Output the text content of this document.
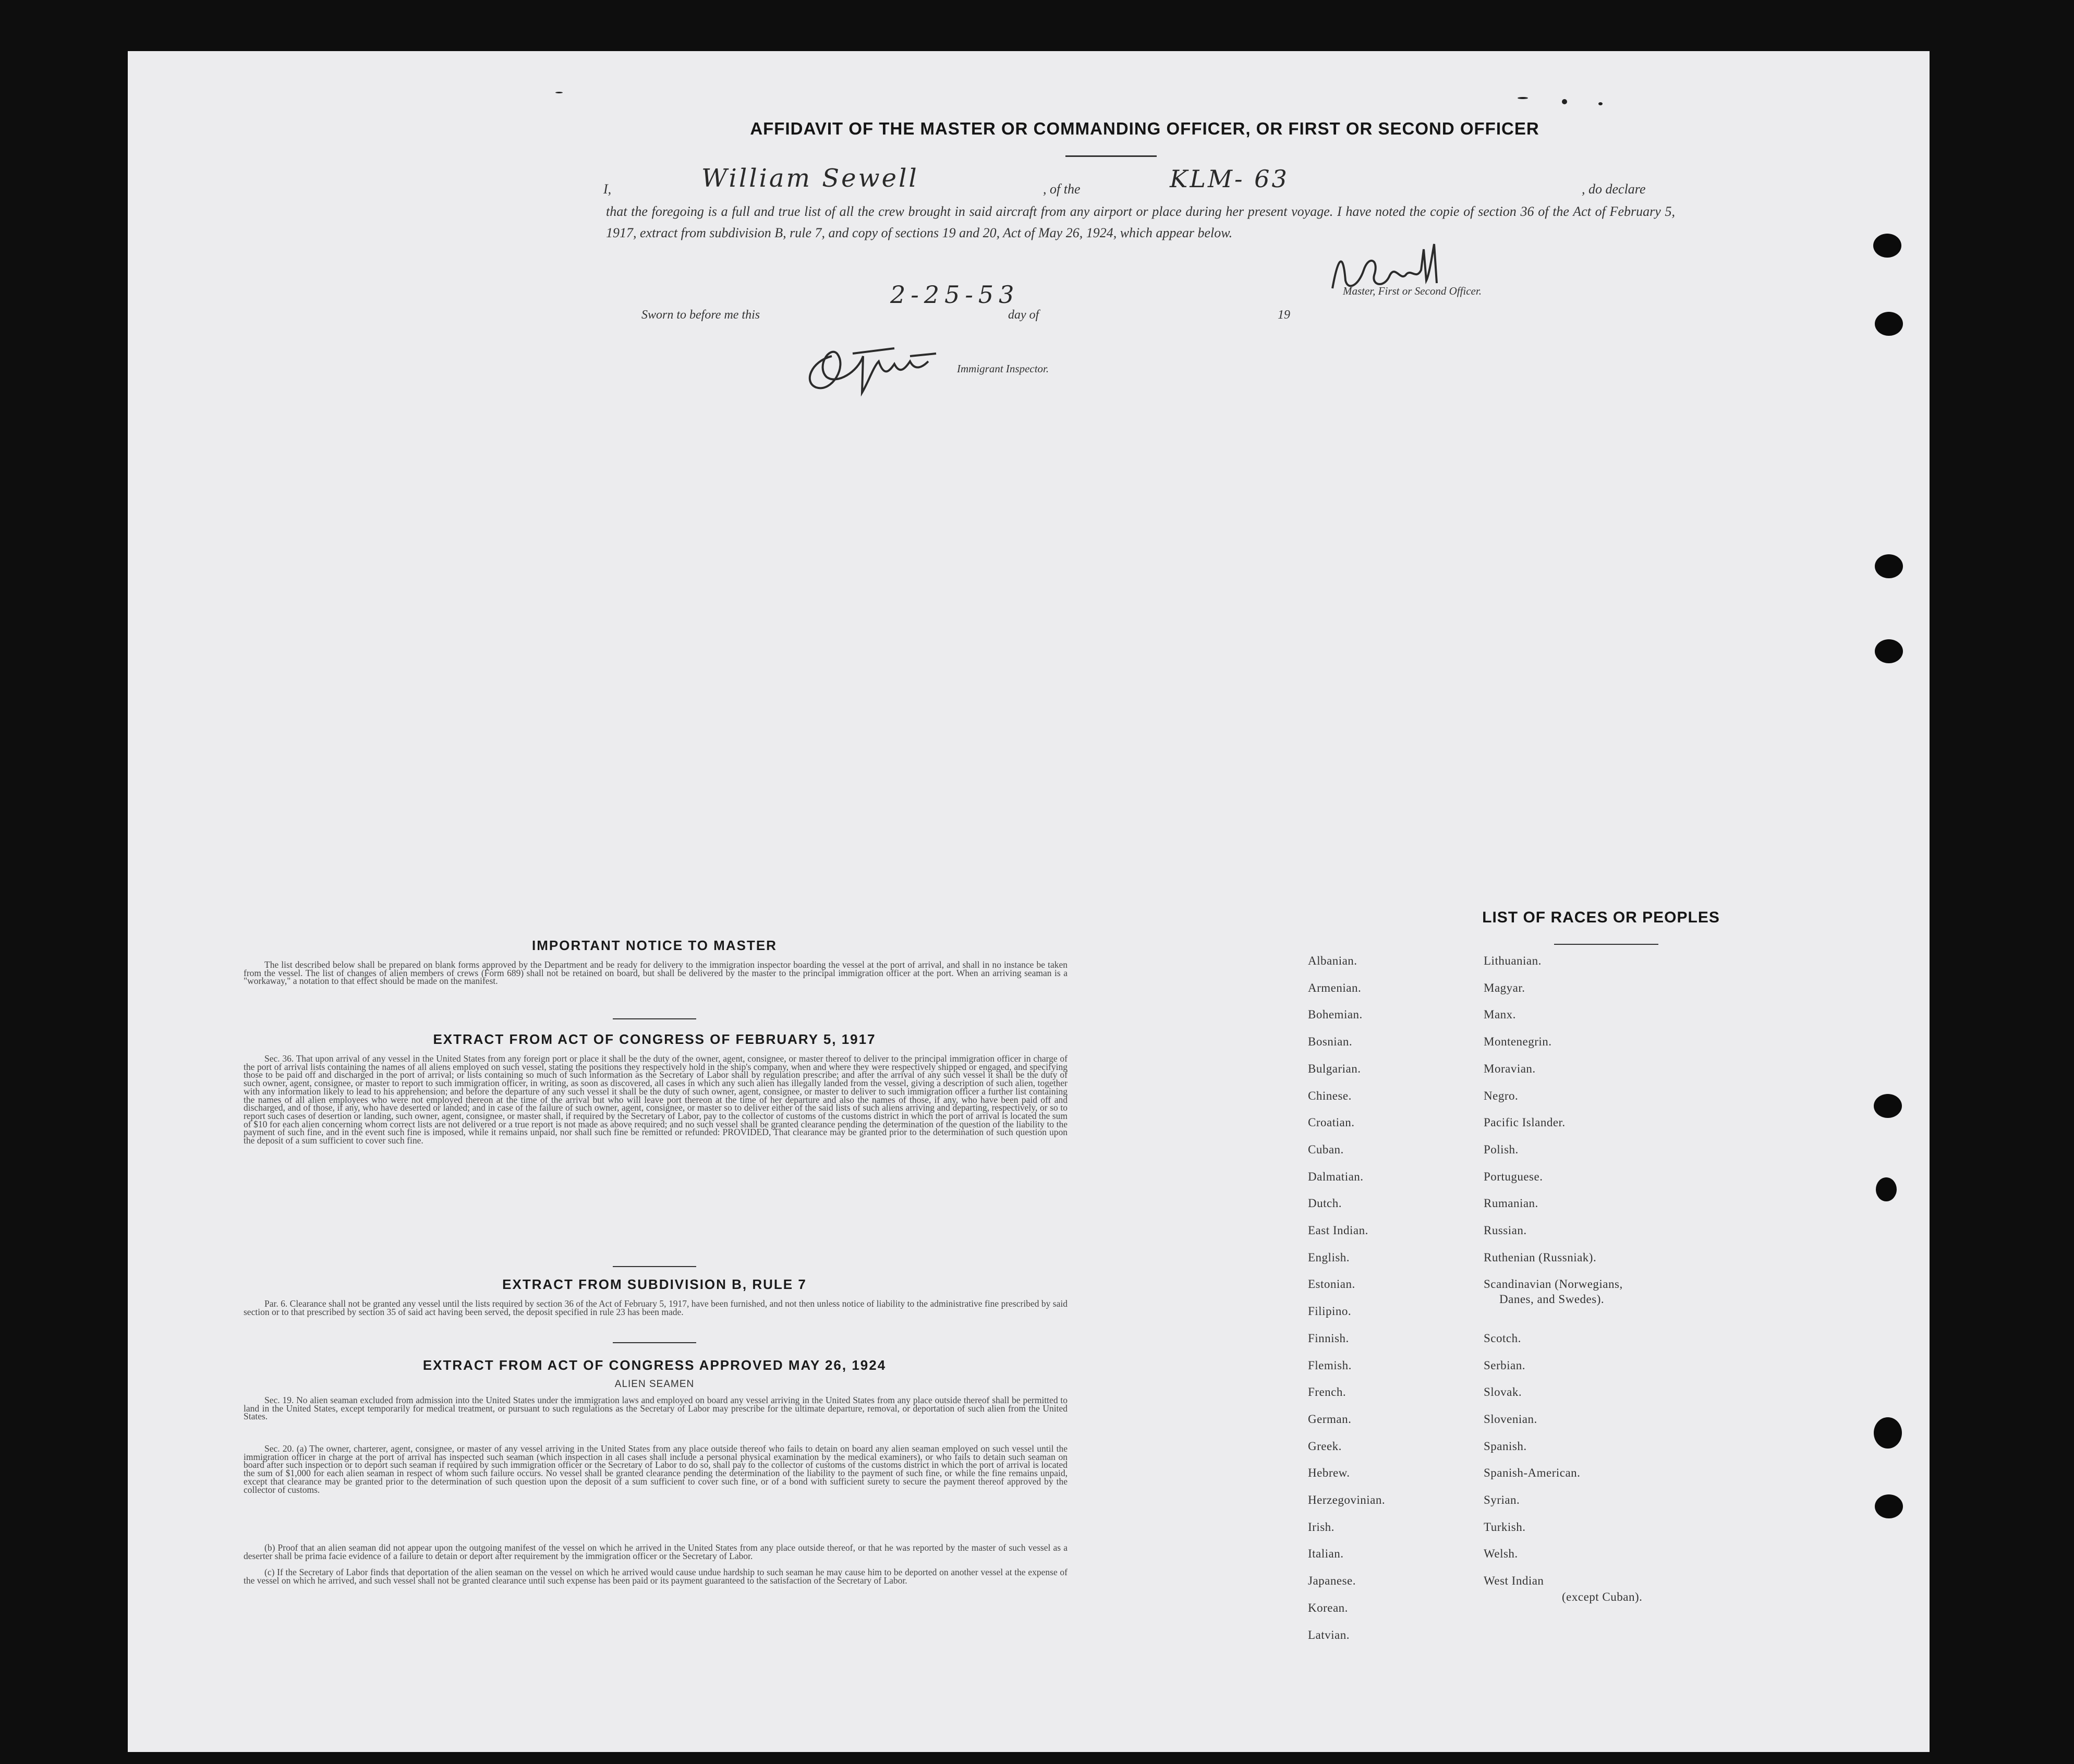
AFFIDAVIT OF THE MASTER OR COMMANDING OFFICER, OR FIRST OR SECOND OFFICER
I,	William Sewell	, of the	KLM- 63	, do declare
that the foregoing is a full and true list of all the crew brought in said aircraft from any airport or place during her present voyage. I have noted the copie of section 36 of the Act of February 5, 1917, extract from subdivision B, rule 7, and copy of sections 19 and 20, Act of May 26, 1924, which appear below.
Master, First or Second Officer.
Sworn to before me this
2-25-53
day of	19
Immigrant Inspector.
IMPORTANT NOTICE TO MASTER
The list described below shall be prepared on blank forms approved by the Department and be ready for delivery to the immigration inspector boarding the vessel at the port of arrival, and shall in no instance be taken from the vessel. The list of changes of alien members of crews (Form 689) shall not be retained on board, but shall be delivered by the master to the principal immigration officer at the port. When an arriving seaman is a "workaway," a notation to that effect should be made on the manifest.
EXTRACT FROM ACT OF CONGRESS OF FEBRUARY 5, 1917
Sec. 36. That upon arrival of any vessel in the United States from any foreign port or place it shall be the duty of the owner, agent, consignee, or master thereof to deliver to the principal immigration officer in charge of the port of arrival lists containing the names of all aliens employed on such vessel, stating the positions they respectively hold in the ship's company, when and where they were respectively shipped or engaged, and specifying those to be paid off and discharged in the port of arrival; or lists containing so much of such information as the Secretary of Labor shall by regulation prescribe; and after the arrival of any such vessel it shall be the duty of such owner, agent, consignee, or master to report to such immigration officer, in writing, as soon as discovered, all cases in which any such alien has illegally landed from the vessel, giving a description of such alien, together with any information likely to lead to his apprehension; and before the departure of any such vessel it shall be the duty of such owner, agent, consignee, or master to deliver to such immigration officer a further list containing the names of all alien employees who were not employed thereon at the time of the arrival but who will leave port thereon at the time of her departure and also the names of those, if any, who have been paid off and discharged, and of those, if any, who have deserted or landed; and in case of the failure of such owner, agent, consignee, or master so to deliver either of the said lists of such aliens arriving and departing, respectively, or so to report such cases of desertion or landing, such owner, agent, consignee, or master shall, if required by the Secretary of Labor, pay to the collector of customs of the customs district in which the port of arrival is located the sum of $10 for each alien concerning whom correct lists are not delivered or a true report is not made as above required; and no such vessel shall be granted clearance pending the determination of the question of the liability to the payment of such fine, and in the event such fine is imposed, while it remains unpaid, nor shall such fine be remitted or refunded: PROVIDED, That clearance may be granted prior to the determination of such question upon the deposit of a sum sufficient to cover such fine.
EXTRACT FROM SUBDIVISION B, RULE 7
Par. 6. Clearance shall not be granted any vessel until the lists required by section 36 of the Act of February 5, 1917, have been furnished, and not then unless notice of liability to the administrative fine prescribed by said section or to that prescribed by section 35 of said act having been served, the deposit specified in rule 23 has been made.
EXTRACT FROM ACT OF CONGRESS APPROVED MAY 26, 1924
ALIEN SEAMEN
Sec. 19. No alien seaman excluded from admission into the United States under the immigration laws and employed on board any vessel arriving in the United States from any place outside thereof shall be permitted to land in the United States, except temporarily for medical treatment, or pursuant to such regulations as the Secretary of Labor may prescribe for the ultimate departure, removal, or deportation of such alien from the United States.
Sec. 20. (a) The owner, charterer, agent, consignee, or master of any vessel arriving in the United States from any place outside thereof who fails to detain on board any alien seaman employed on such vessel until the immigration officer in charge at the port of arrival has inspected such seaman (which inspection in all cases shall include a personal physical examination by the medical examiners), or who fails to detain such seaman on board after such inspection or to deport such seaman if required by such immigration officer or the Secretary of Labor to do so, shall pay to the collector of customs of the customs district in which the port of arrival is located the sum of $1,000 for each alien seaman in respect of whom such failure occurs. No vessel shall be granted clearance pending the determination of the liability to the payment of such fine, or while the fine remains unpaid, except that clearance may be granted prior to the determination of such question upon the deposit of a sum sufficient to cover such fine, or of a bond with sufficient surety to secure the payment thereof approved by the collector of customs.
(b) Proof that an alien seaman did not appear upon the outgoing manifest of the vessel on which he arrived in the United States from any place outside thereof, or that he was reported by the master of such vessel as a deserter shall be prima facie evidence of a failure to detain or deport after requirement by the immigration officer or the Secretary of Labor.
(c) If the Secretary of Labor finds that deportation of the alien seaman on the vessel on which he arrived would cause undue hardship to such seaman he may cause him to be deported on another vessel at the expense of the vessel on which he arrived, and such vessel shall not be granted clearance until such expense has been paid or its payment guaranteed to the satisfaction of the Secretary of Labor.
LIST OF RACES OR PEOPLES
Albanian.
Armenian.
Bohemian.
Bosnian.
Bulgarian.
Chinese.
Croatian.
Cuban.
Dalmatian.
Dutch.
East Indian.
English.
Estonian.
Filipino.
Finnish.
Flemish.
French.
German.
Greek.
Hebrew.
Herzegovinian.
Irish.
Italian.
Japanese.
Korean.
Latvian.
Lithuanian.
Magyar.
Manx.
Montenegrin.
Moravian.
Negro.
Pacific Islander.
Polish.
Portuguese.
Rumanian.
Russian.
Ruthenian (Russniak).
Scandinavian (Norwegians,
Danes, and Swedes).
Scotch.
Serbian.
Slovak.
Slovenian.
Spanish.
Spanish-American.
Syrian.
Turkish.
Welsh.
West Indian
(except Cuban).
